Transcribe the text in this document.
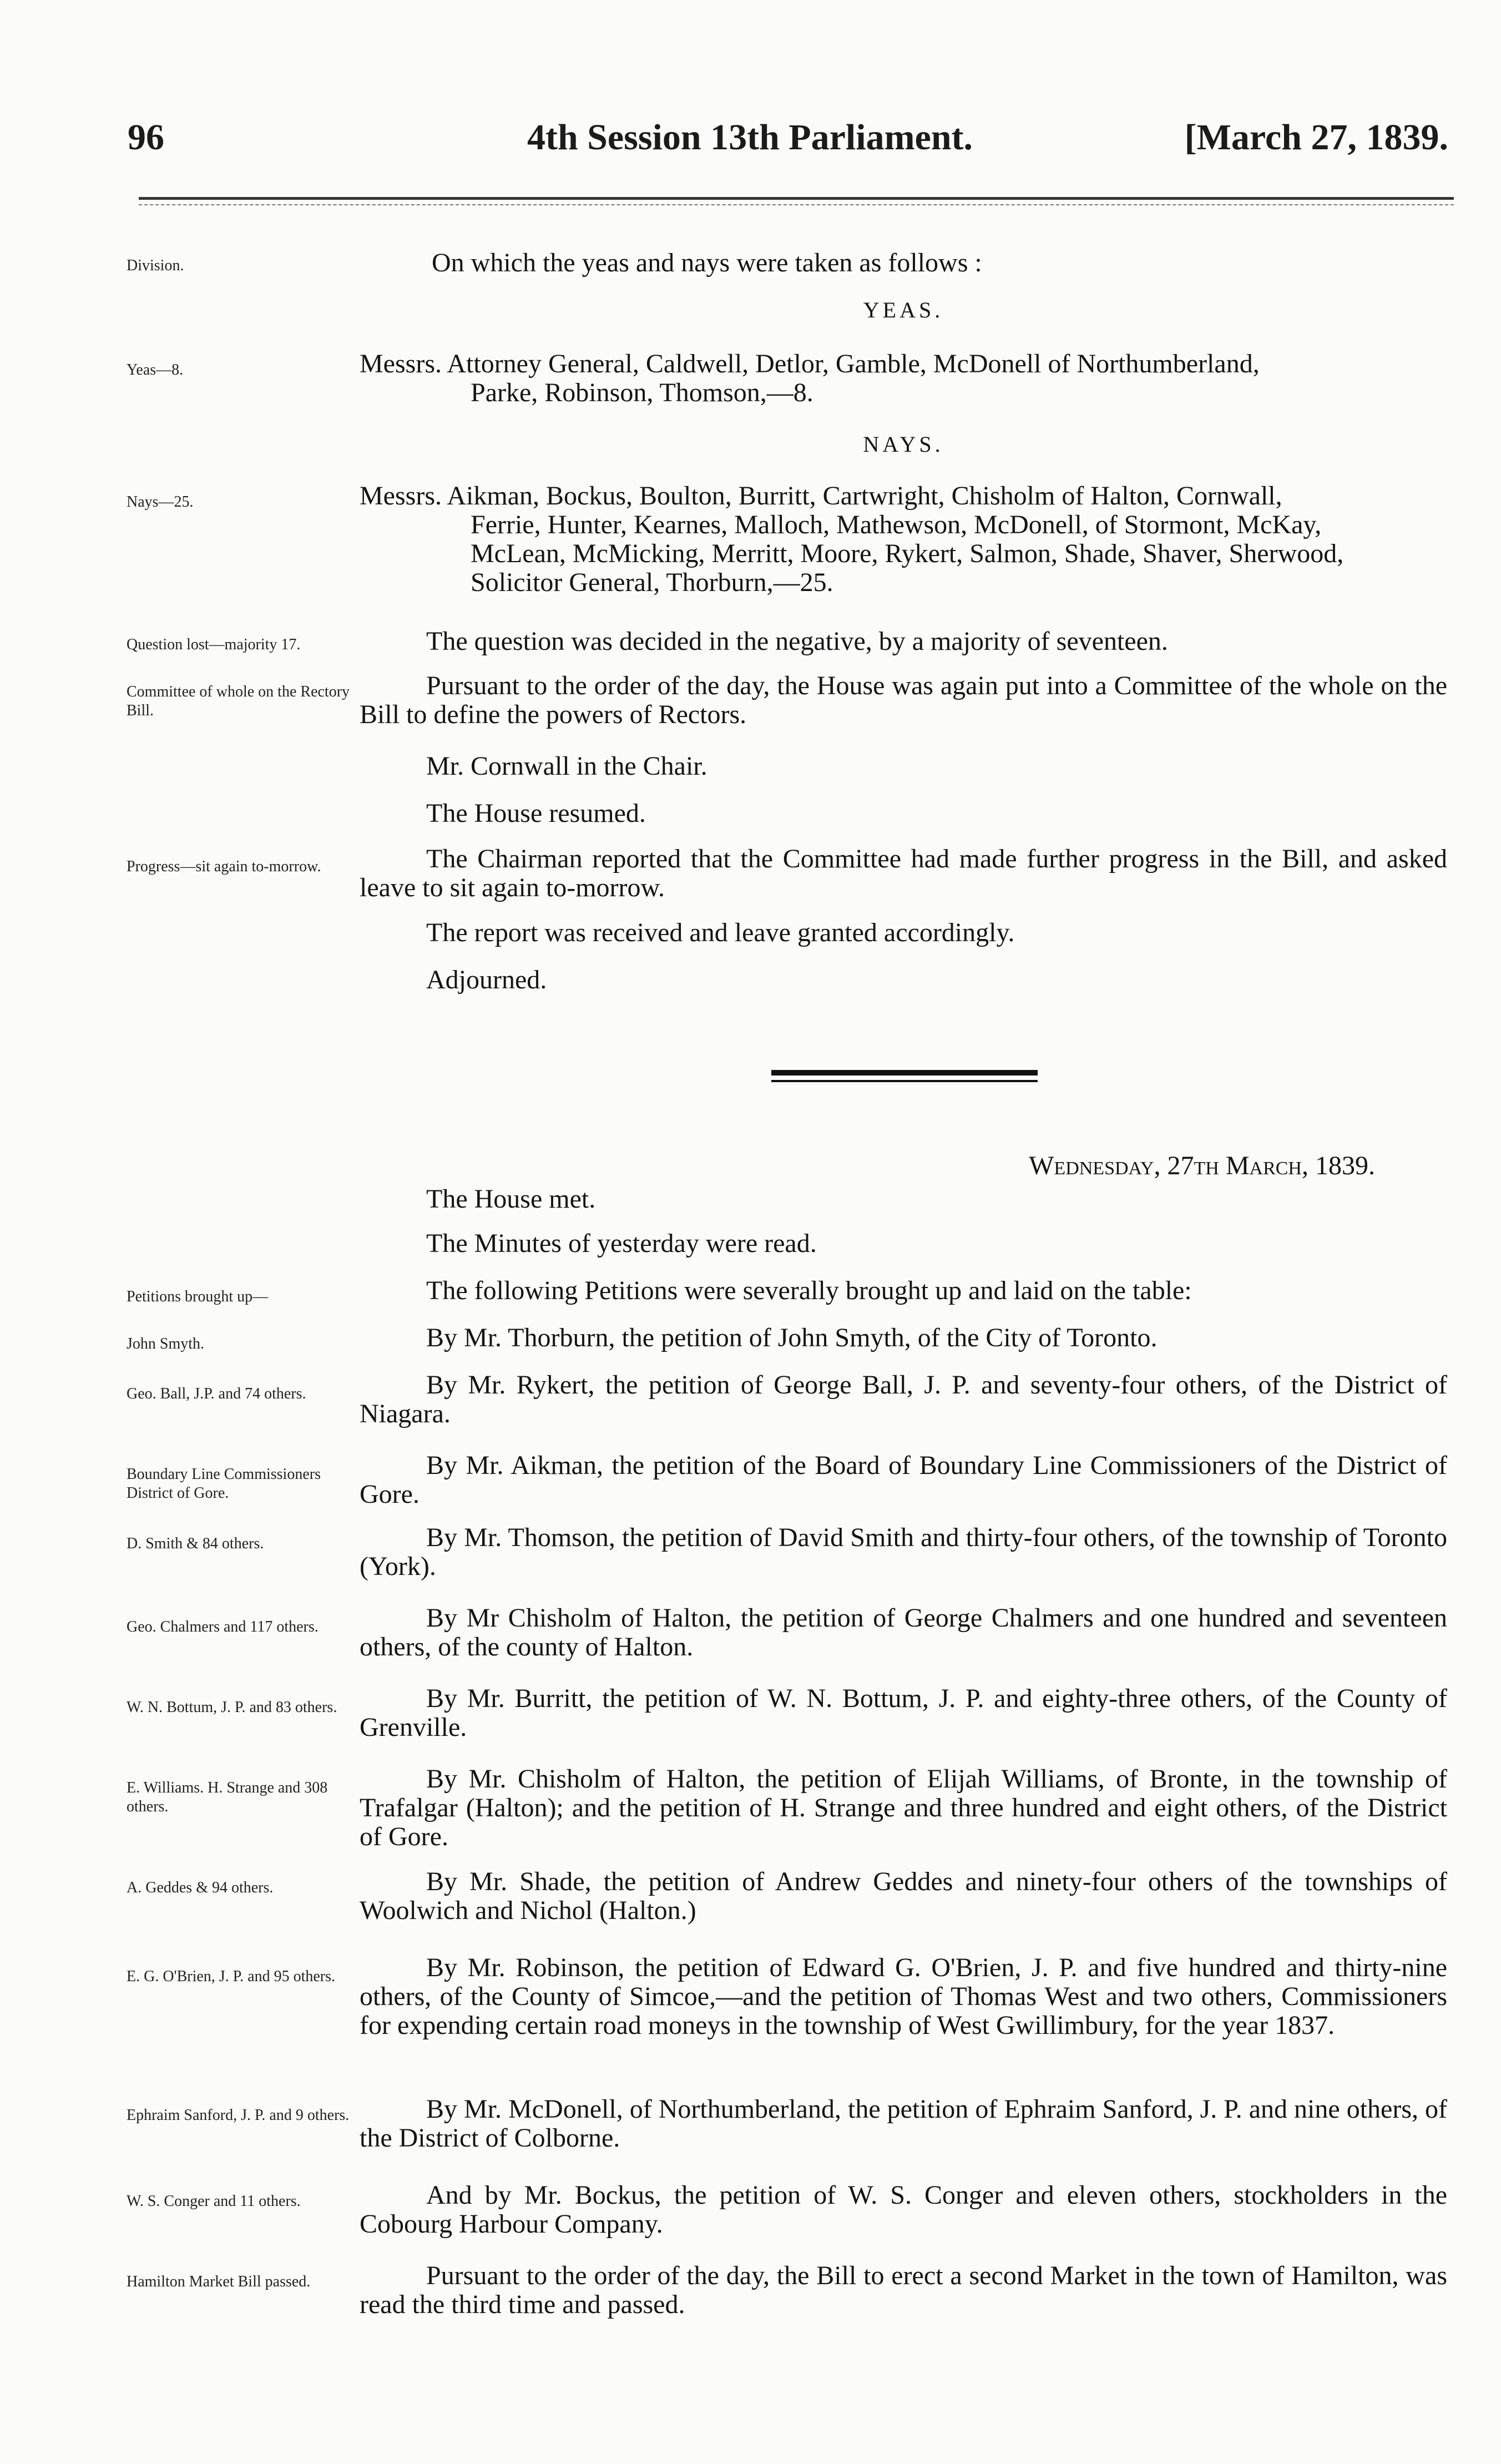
96	4th Session 13th Parliament.	[March 27, 1839.
Division.	On which the yeas and nays were taken as follows :
YEAS.
Yeas—8.	Messrs. Attorney General, Caldwell, Detlor, Gamble, McDonell of Northumberland,
Parke, Robinson, Thomson,—8.
NAYS.
Nays—25.	Messrs. Aikman, Bockus, Boulton, Burritt, Cartwright, Chisholm of Halton, Cornwall,
Ferrie, Hunter, Kearnes, Malloch, Mathewson, McDonell, of Stormont, McKay,
McLean, McMicking, Merritt, Moore, Rykert, Salmon, Shade, Shaver, Sherwood,
Solicitor General, Thorburn,—25.
Question lost—majority 17.	The question was decided in the negative, by a majority of seventeen.
Committee of whole on the Rectory Bill.
Pursuant to the order of the day, the House was again put into a Committee of the whole on the Bill to define the powers of Rectors.
Mr. Cornwall in the Chair.
The House resumed.
Progress—sit again to-morrow.	The Chairman reported that the Committee had made further progress in the Bill, and asked leave to sit again to-morrow.
The report was received and leave granted accordingly.
Adjourned.
Wednesday, 27th March, 1839.
The House met.
The Minutes of yesterday were read.
Petitions brought up—	The following Petitions were severally brought up and laid on the table:
John Smyth.	By Mr. Thorburn, the petition of John Smyth, of the City of Toronto.
Geo. Ball, J.P. and 74 others.	By Mr. Rykert, the petition of George Ball, J. P. and seventy-four others, of the District of Niagara.
Boundary Line Commissioners District of Gore.
By Mr. Aikman, the petition of the Board of Boundary Line Commissioners of the District of Gore.
D. Smith & 84 others.	By Mr. Thomson, the petition of David Smith and thirty-four others, of the township of Toronto (York).
Geo. Chalmers and 117 others.	By Mr Chisholm of Halton, the petition of George Chalmers and one hundred and seventeen others, of the county of Halton.
W. N. Bottum, J. P. and 83 others.	By Mr. Burritt, the petition of W. N. Bottum, J. P. and eighty-three others, of the County of Grenville.
E. Williams. H. Strange and 308 others.
By Mr. Chisholm of Halton, the petition of Elijah Williams, of Bronte, in the township of Trafalgar (Halton); and the petition of H. Strange and three hundred and eight others, of the District of Gore.
A. Geddes & 94 others.	By Mr. Shade, the petition of Andrew Geddes and ninety-four others of the townships of Woolwich and Nichol (Halton.)
E. G. O'Brien, J. P. and 95 others.	By Mr. Robinson, the petition of Edward G. O'Brien, J. P. and five hundred and thirty-nine others, of the County of Simcoe,—and the petition of Thomas West and two others, Commissioners for expending certain road moneys in the township of West Gwillimbury, for the year 1837.
Ephraim Sanford, J. P. and 9 others.	By Mr. McDonell, of Northumberland, the petition of Ephraim Sanford, J. P. and nine others, of the District of Colborne.
W. S. Conger and 11 others.	And by Mr. Bockus, the petition of W. S. Conger and eleven others, stockholders in the Cobourg Harbour Company.
Hamilton Market Bill passed.	Pursuant to the order of the day, the Bill to erect a second Market in the town of Hamilton, was read the third time and passed.
